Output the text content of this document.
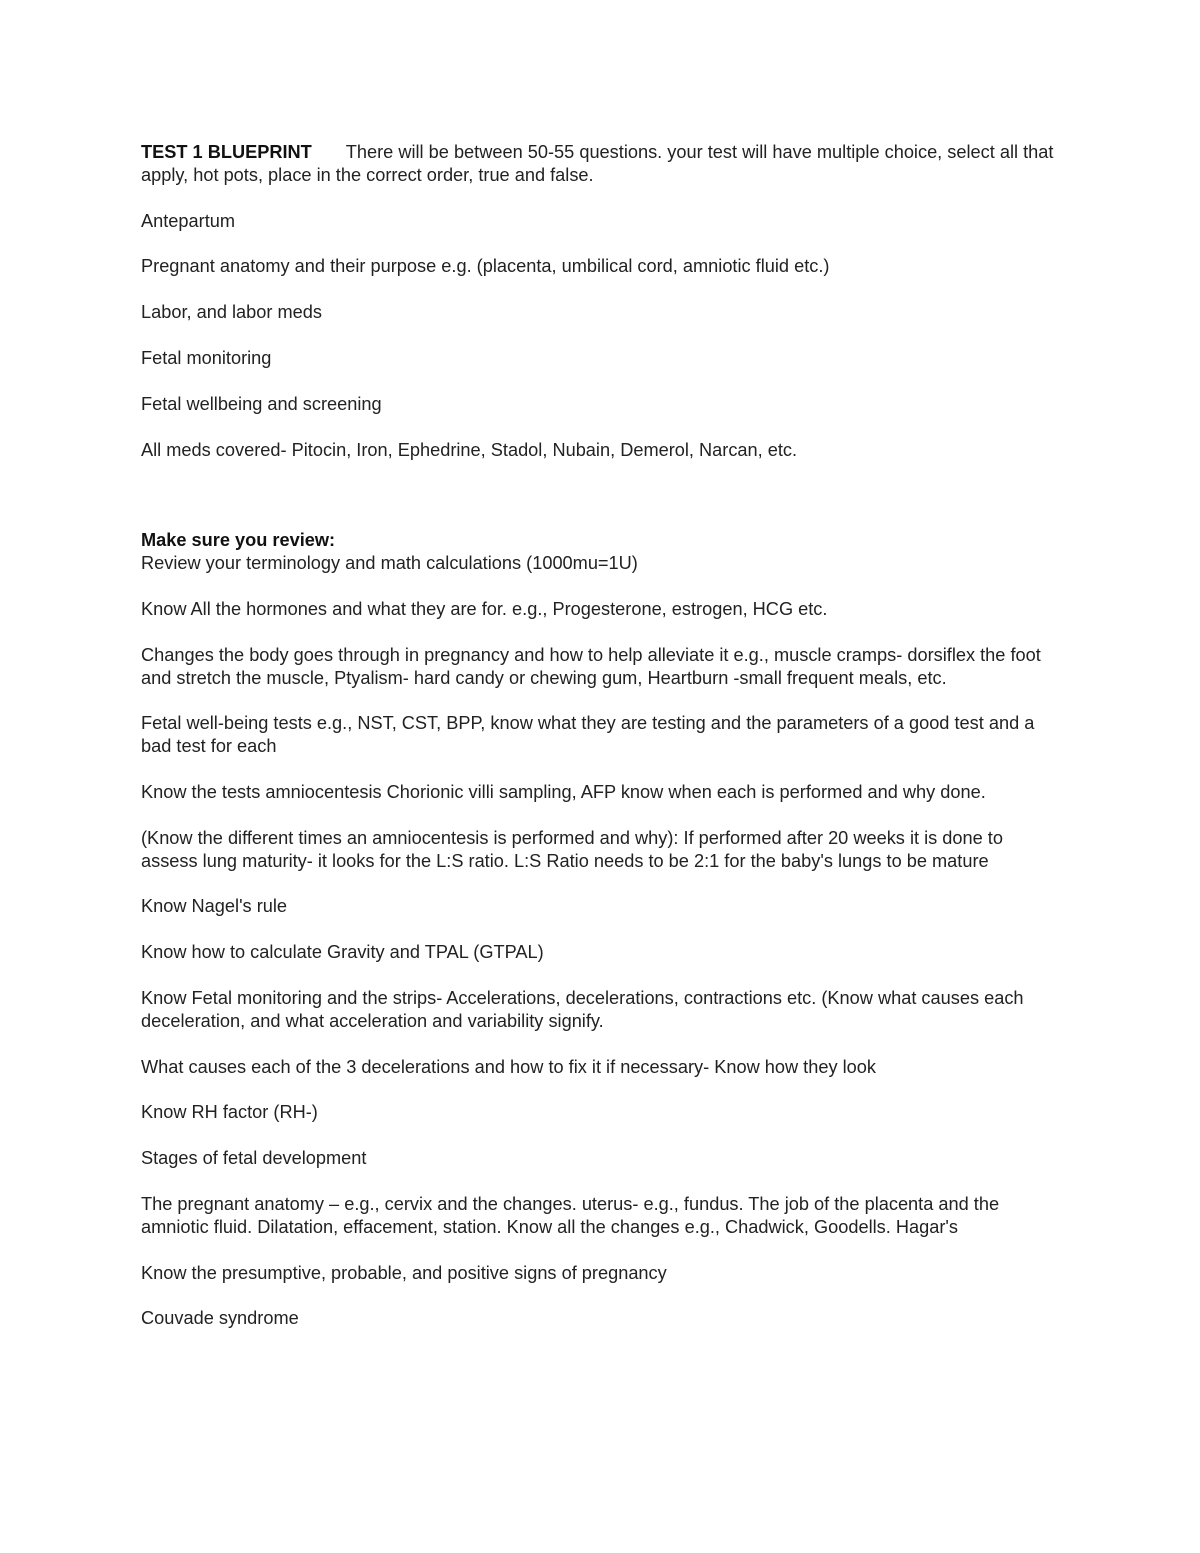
TEST 1 BLUEPRINT There will be between 50-55 questions. your test will have multiple choice, select all that apply, hot pots, place in the correct order, true and false.

Antepartum

Pregnant anatomy and their purpose e.g. (placenta, umbilical cord, amniotic fluid etc.)

Labor, and labor meds

Fetal monitoring

Fetal wellbeing and screening

All meds covered- Pitocin, Iron, Ephedrine, Stadol, Nubain, Demerol, Narcan, etc.

Make sure you review:

Review your terminology and math calculations (1000mu=1U)

Know All the hormones and what they are for. e.g., Progesterone, estrogen, HCG etc.

Changes the body goes through in pregnancy and how to help alleviate it e.g., muscle cramps- dorsiflex the foot and stretch the muscle, Ptyalism- hard candy or chewing gum, Heartburn -small frequent meals, etc.

Fetal well-being tests e.g., NST, CST, BPP, know what they are testing and the parameters of a good test and a bad test for each

Know the tests amniocentesis Chorionic villi sampling, AFP know when each is performed and why done.

(Know the different times an amniocentesis is performed and why): If performed after 20 weeks it is done to assess lung maturity- it looks for the L:S ratio. L:S Ratio needs to be 2:1 for the baby's lungs to be mature

Know Nagel's rule

Know how to calculate Gravity and TPAL (GTPAL)

Know Fetal monitoring and the strips- Accelerations, decelerations, contractions etc. (Know what causes each deceleration, and what acceleration and variability signify.

What causes each of the 3 decelerations and how to fix it if necessary- Know how they look

Know RH factor (RH-)

Stages of fetal development

The pregnant anatomy – e.g., cervix and the changes. uterus- e.g., fundus. The job of the placenta and the amniotic fluid. Dilatation, effacement, station. Know all the changes e.g., Chadwick, Goodells. Hagar's

Know the presumptive, probable, and positive signs of pregnancy

Couvade syndrome
